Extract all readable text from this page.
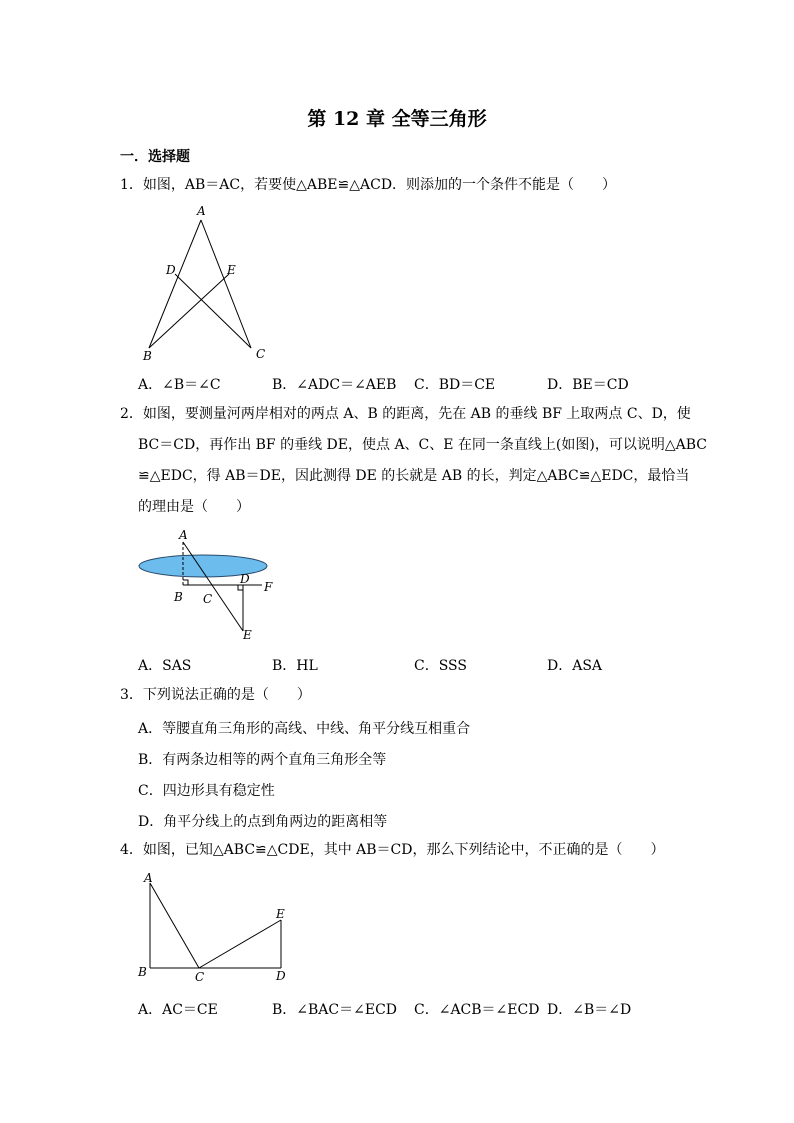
第 12 章 全等三角形
一．选择题
1．如图，AB＝AC，若要使△ABE≌△ACD．则添加的一个条件不能是（　　）
A
D	E
B	C
A．∠B＝∠C	B．∠ADC＝∠AEB C．BD＝CE	D．BE＝CD
2．如图，要测量河两岸相对的两点 A、B 的距离，先在 AB 的垂线 BF 上取两点 C、D，使
BC＝CD，再作出 BF 的垂线 DE，使点 A、C、E 在同一条直线上(如图)，可以说明△ABC
≌△EDC，得 AB＝DE，因此测得 DE 的长就是 AB 的长，判定△ABC≌△EDC，最恰当
的理由是（　　）
A
B C
D
F
E
A．SAS	B．HL	C．SSS	D．ASA
3．下列说法正确的是（　　）
A．等腰直角三角形的高线、中线、角平分线互相重合
B．有两条边相等的两个直角三角形全等
C．四边形具有稳定性
D．角平分线上的点到角两边的距离相等
4．如图，已知△ABC≌△CDE，其中 AB＝CD，那么下列结论中，不正确的是（　　）
A
B	C	D
E
A．AC＝CE	B．∠BAC＝∠ECD C．∠ACB＝∠ECD D．∠B＝∠D
